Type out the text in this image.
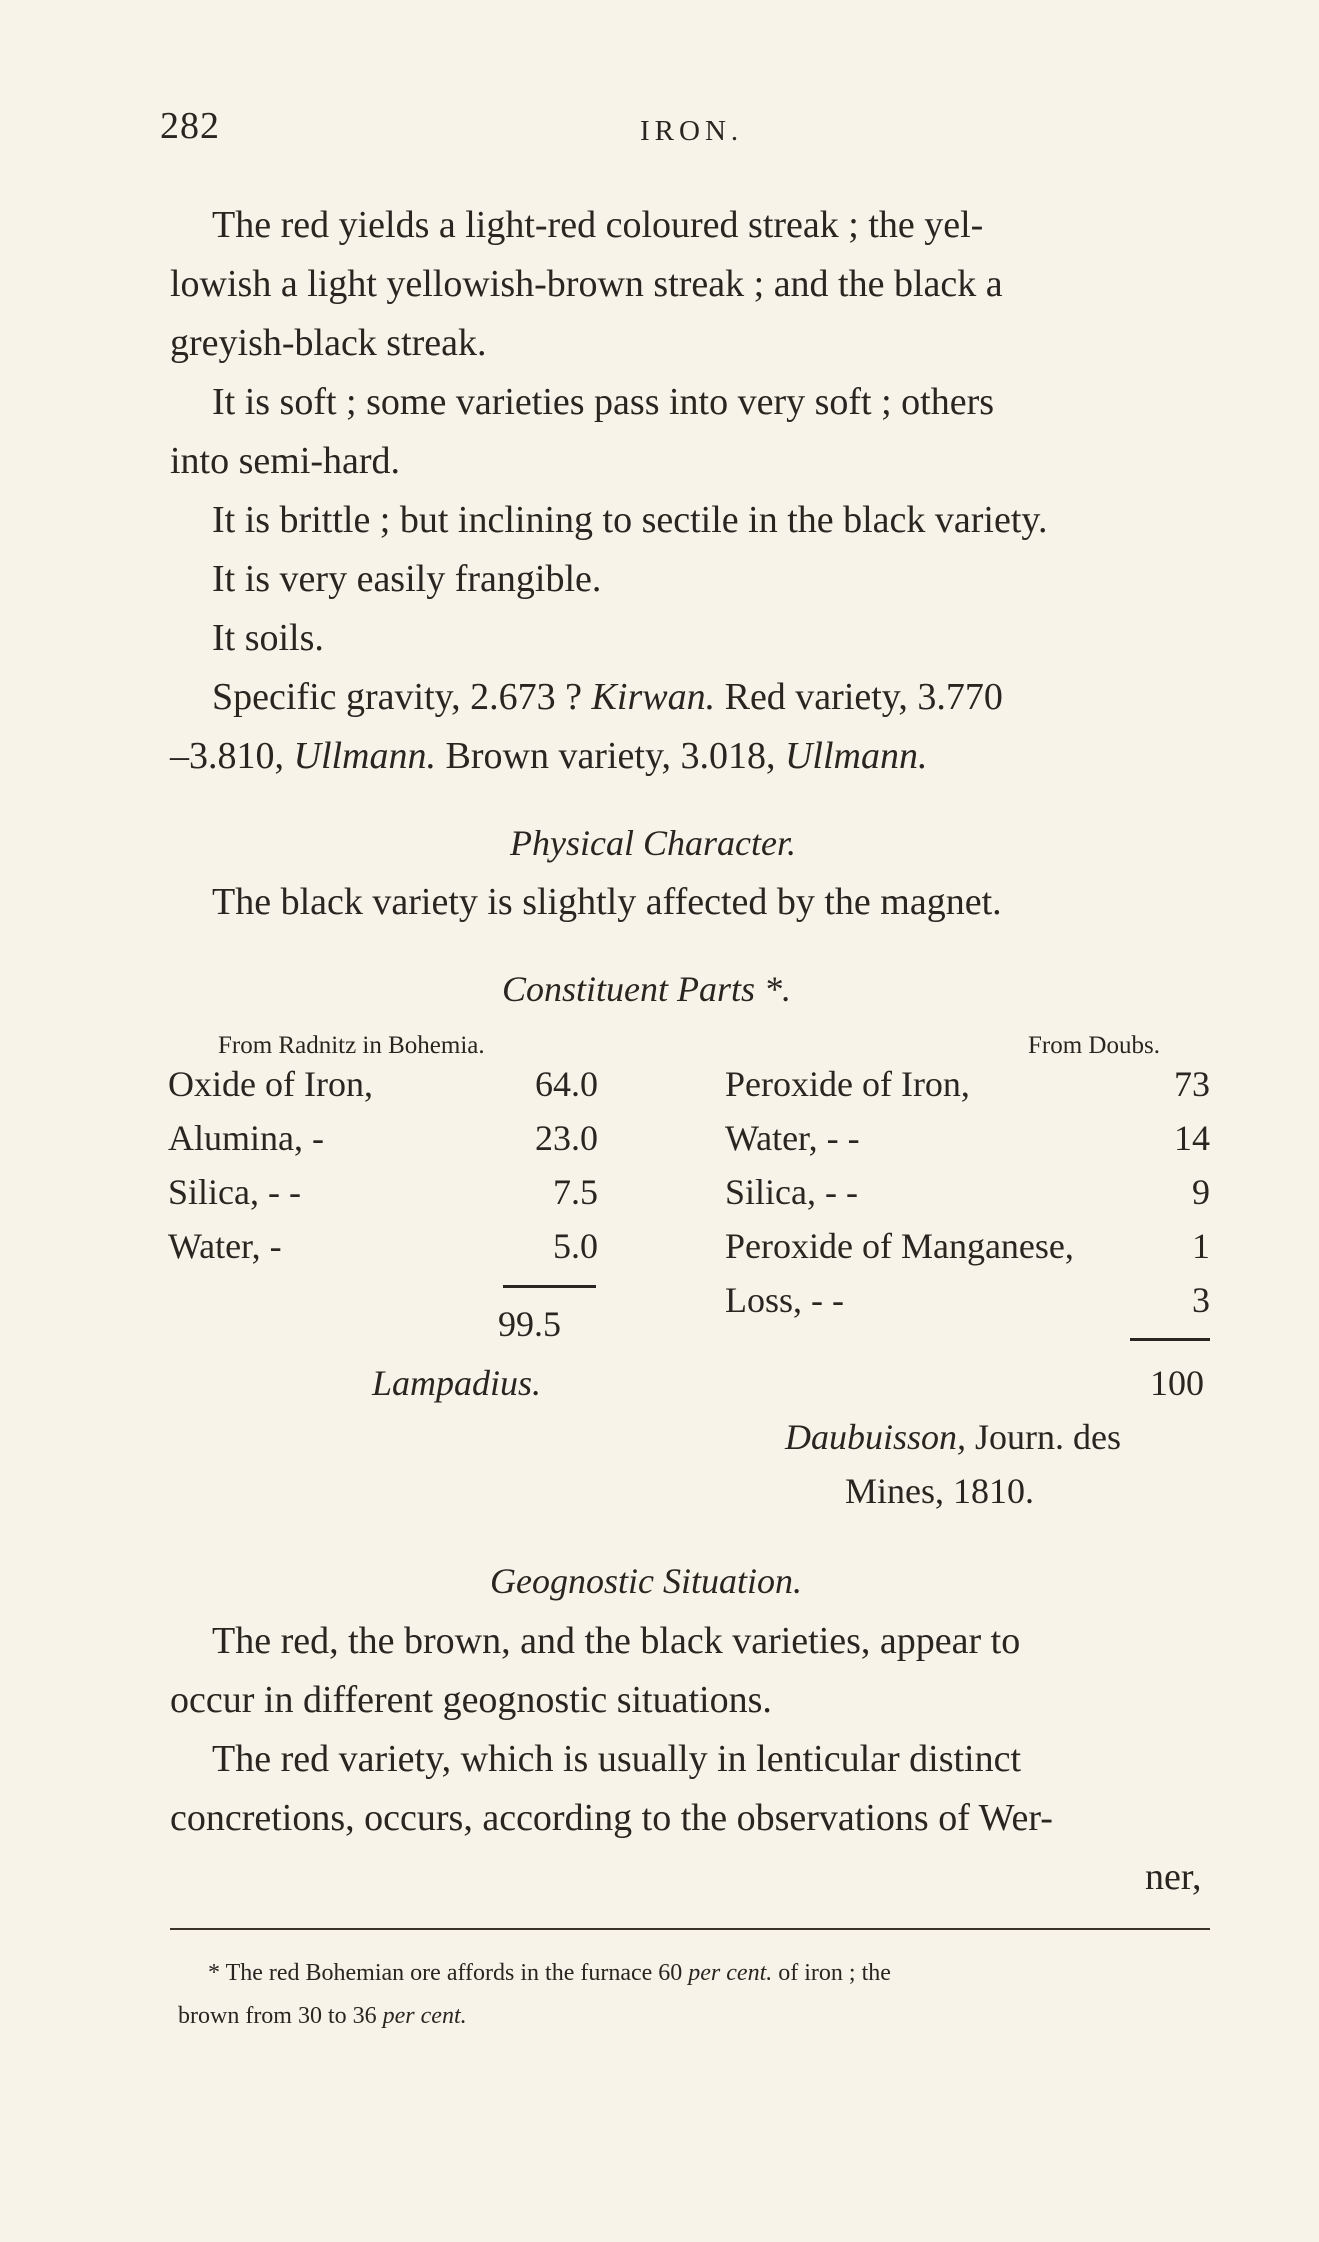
282	IRON.
The red yields a light-red coloured streak ; the yel-
lowish a light yellowish-brown streak ; and the black a
greyish-black streak.
It is soft ; some varieties pass into very soft ; others
into semi-hard.
It is brittle ; but inclining to sectile in the black variety.
It is very easily frangible.
It soils.
Specific gravity, 2.673 ? Kirwan. Red variety, 3.770
–3.810, Ullmann. Brown variety, 3.018, Ullmann.
Physical Character.
The black variety is slightly affected by the magnet.
Constituent Parts *.
From Radnitz in Bohemia.
Oxide of Iron,	64.0
Alumina, -	23.0
Silica, - -	7.5
Water, -	5.0
99.5
Lampadius.
From Doubs.
Peroxide of Iron,	73
Water, - -	14
Silica, - -	9
Peroxide of Manganese,	1
Loss, - -	3
100
Daubuisson, Journ. des
Mines, 1810.
Geognostic Situation.
The red, the brown, and the black varieties, appear to
occur in different geognostic situations.
The red variety, which is usually in lenticular distinct
concretions, occurs, according to the observations of Wer-
ner,
* The red Bohemian ore affords in the furnace 60 per cent. of iron ; the
brown from 30 to 36 per cent.
